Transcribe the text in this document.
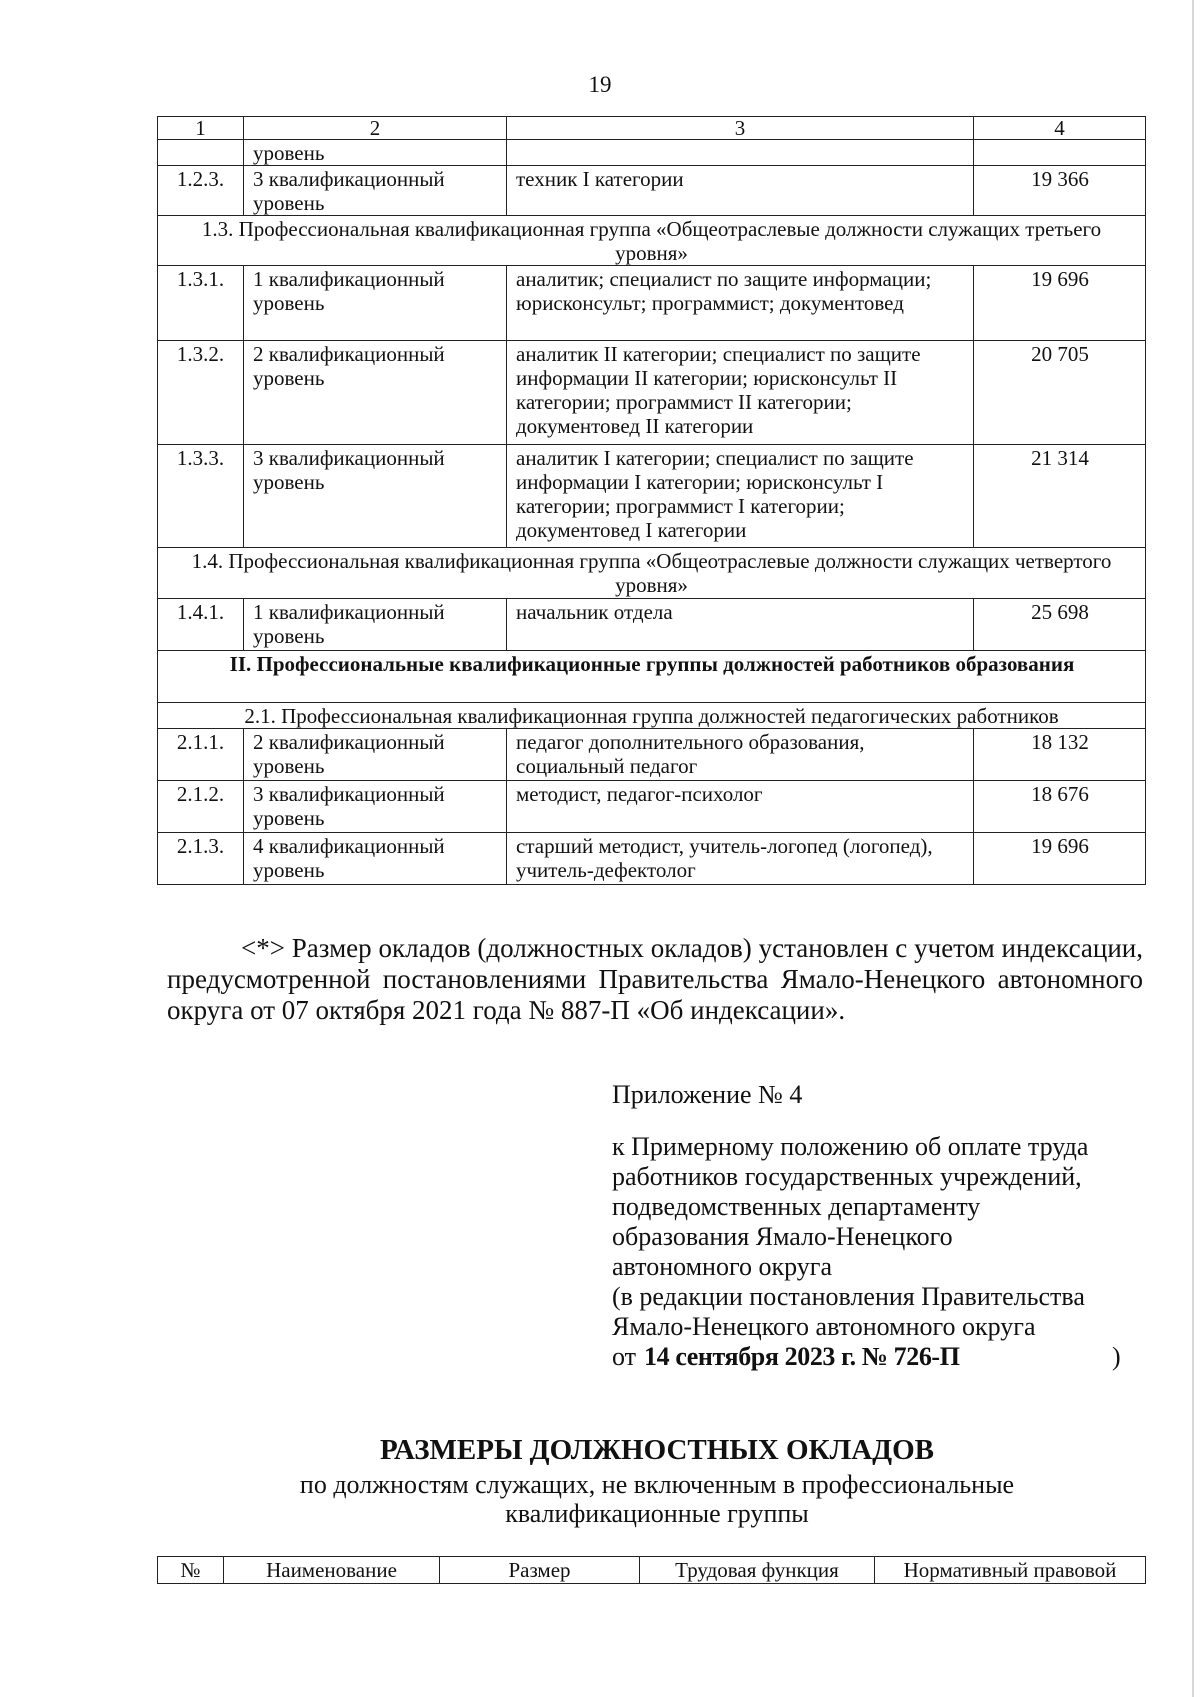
19
1	2	3	4
	уровень		
1.2.3.	3 квалификационный уровень	техник I категории	19 366
1.3. Профессиональная квалификационная группа «Общеотраслевые должности служащих третьего уровня»			
1.3.1.	1 квалификационный уровень	аналитик; специалист по защите информации; юрисконсульт; программист; документовед	19 696
1.3.2.	2 квалификационный уровень	аналитик II категории; специалист по защите информации II категории; юрисконсульт II категории; программист II категории; документовед II категории	20 705
1.3.3.	3 квалификационный уровень	аналитик I категории; специалист по защите информации I категории; юрисконсульт I категории; программист I категории; документовед I категории	21 314
1.4. Профессиональная квалификационная группа «Общеотраслевые должности служащих четвертого уровня»			
1.4.1.	1 квалификационный уровень	начальник отдела	25 698
II. Профессиональные квалификационные группы должностей работников образования			
2.1. Профессиональная квалификационная группа должностей педагогических работников			
2.1.1.	2 квалификационный уровень	педагог дополнительного образования, социальный педагог	18 132
2.1.2.	3 квалификационный уровень	методист, педагог-психолог	18 676
2.1.3.	4 квалификационный уровень	старший методист, учитель-логопед (логопед), учитель-дефектолог	19 696

<*> Размер окладов (должностных окладов) установлен с учетом индексации, предусмотренной постановлениями Правительства Ямало-Ненецкого автономного округа от 07 октября 2021 года № 887-П «Об индексации».

Приложение № 4
к Примерному положению об оплате труда
работников государственных учреждений,
подведомственных департаменту
образования Ямало-Ненецкого
автономного округа
(в редакции постановления Правительства
Ямало-Ненецкого автономного округа
от 14 сентября 2023 г. № 726-П	)
РАЗМЕРЫ ДОЛЖНОСТНЫХ ОКЛАДОВ
по должностям служащих, не включенным в профессиональные
квалификационные группы
№	Наименование	Размер	Трудовая функция	Нормативный правовой
